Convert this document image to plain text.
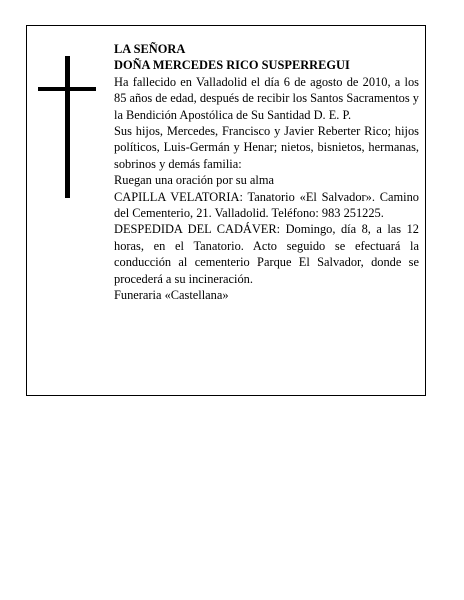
LA SEÑORA

DOÑA MERCEDES RICO SUSPERREGUI

Ha fallecido en Valladolid el día 6 de agosto de 2010, a los 85 años de edad, después de recibir los Santos Sacramentos y la Bendición Apostólica de Su Santidad D. E. P.

Sus hijos, Mercedes, Francisco y Javier Reberter Rico; hijos políticos, Luis-Germán y Henar; nietos, bisnietos, hermanas, sobrinos y demás familia:

Ruegan una oración por su alma

CAPILLA VELATORIA: Tanatorio «El Salvador». Camino del Cementerio, 21. Valladolid. Teléfono: 983 251225.

DESPEDIDA DEL CADÁVER: Domingo, día 8, a las 12 horas, en el Tanatorio. Acto seguido se efectuará la conducción al cementerio Parque El Salvador, donde se procederá a su incineración.

Funeraria «Castellana»
